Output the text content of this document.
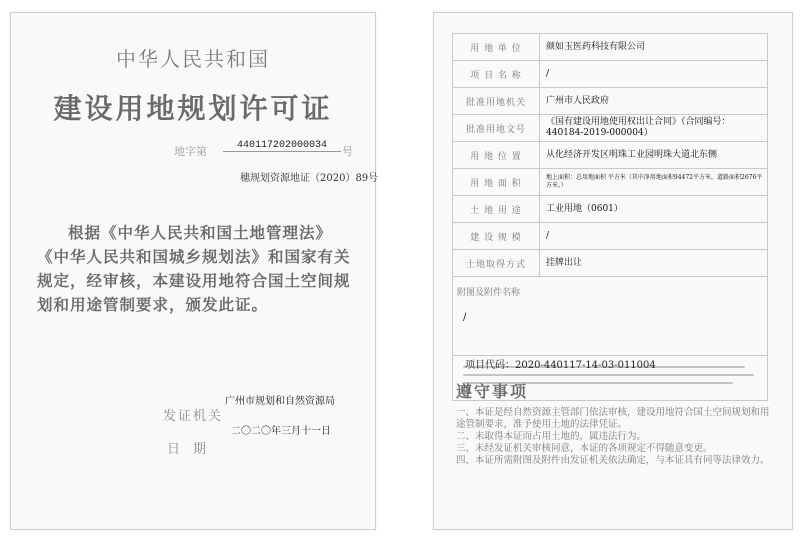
中华人民共和国
建设用地规划许可证
地字第	440117202000034	号
穗规划资源地证（2020）89号
根据《中华人民共和国土地管理法》《中华人民共和国城乡规划法》和国家有关规定，经审核，本建设用地符合国土空间规划和用途管制要求，颁发此证。
发证机关
广州市规划和自然资源局
日 期
二〇二〇年三月十一日
用 地 单 位	颜如玉医药科技有限公司
项 目 名 称	/
批准用地机关	广州市人民政府
批准用地文号	《国有建设用地使用权出让合同》（合同编号：440184-2019-000004）
用 地 位 置	从化经济开发区明珠工业园明珠大道北东侧
用 地 面 积	地上面积：总用地面积 平方米（其中净用地面积94472平方米，道路面积2676平方米。）
土 地 用 途	工业用地（0601）
建 设 规 模	/
土地取得方式	挂牌出让

附图及附件名称
/	

项目代码：2020-440117-14-03-011004
遵守事项
一、本证是经自然资源主管部门依法审核，建设用地符合国土空间规划和用途管制要求，准予使用土地的法律凭证。
二、未取得本证而占用土地的，属违法行为。
三、未经发证机关审核同意，本证的各项规定不得随意变更。
四、本证所需附图及附件由发证机关依法确定，与本证具有同等法律效力。
